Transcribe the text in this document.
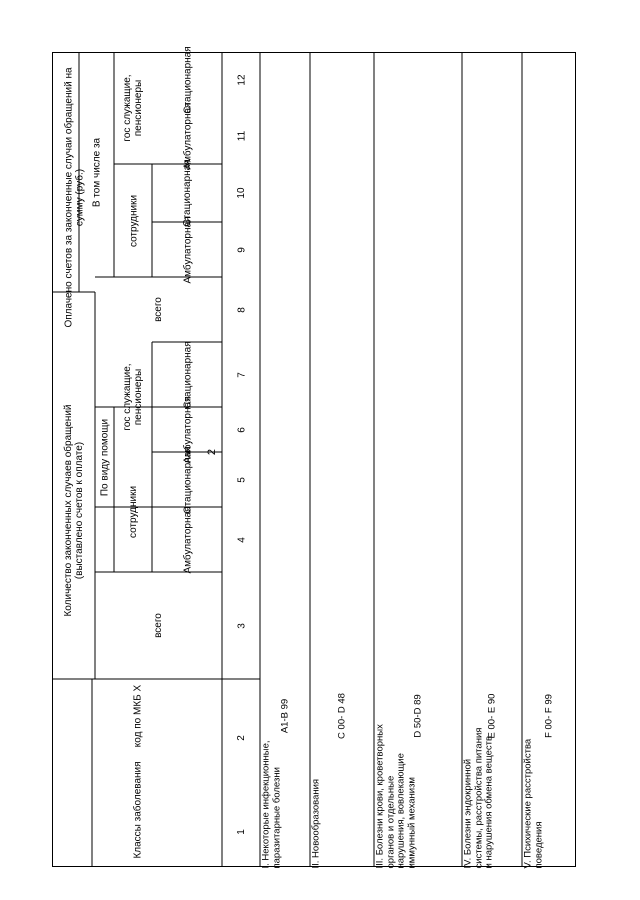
2
Количество законченных случаев обращений
(выставлено счетов к оплате)	По виду помощи
всего
сотрудники
гос служащие,
пенсионеры
Амбулаторная
Стационарная
Амбулаторная
Стационарная
Оплачено счетов за законченные случаи обращений на
сумму (руб.) В том числе за
всего
сотрудники
гос служащие,
пенсионеры
Амбулаторная
Стационарная
Амбулаторная
Стационарная
код по МКБ Х
Классы заболевания	1
2
3
4
5
6
7
8
9
10
11
12
I. Некоторые инфекционные,
паразитарные болезни
A1-B 99
II. Новообразования
C 00- D 48
III. Болезни крови, кроветворных
органов и отдельные
нарушения, вовлекающие
иммунный механизм
D 50-D 89
IV. Болезни эндокринной
системы, расстройства питания
и нарушения обмена веществ
E 00- E 90
V. Психические расстройства
поведения
F 00- F 99
